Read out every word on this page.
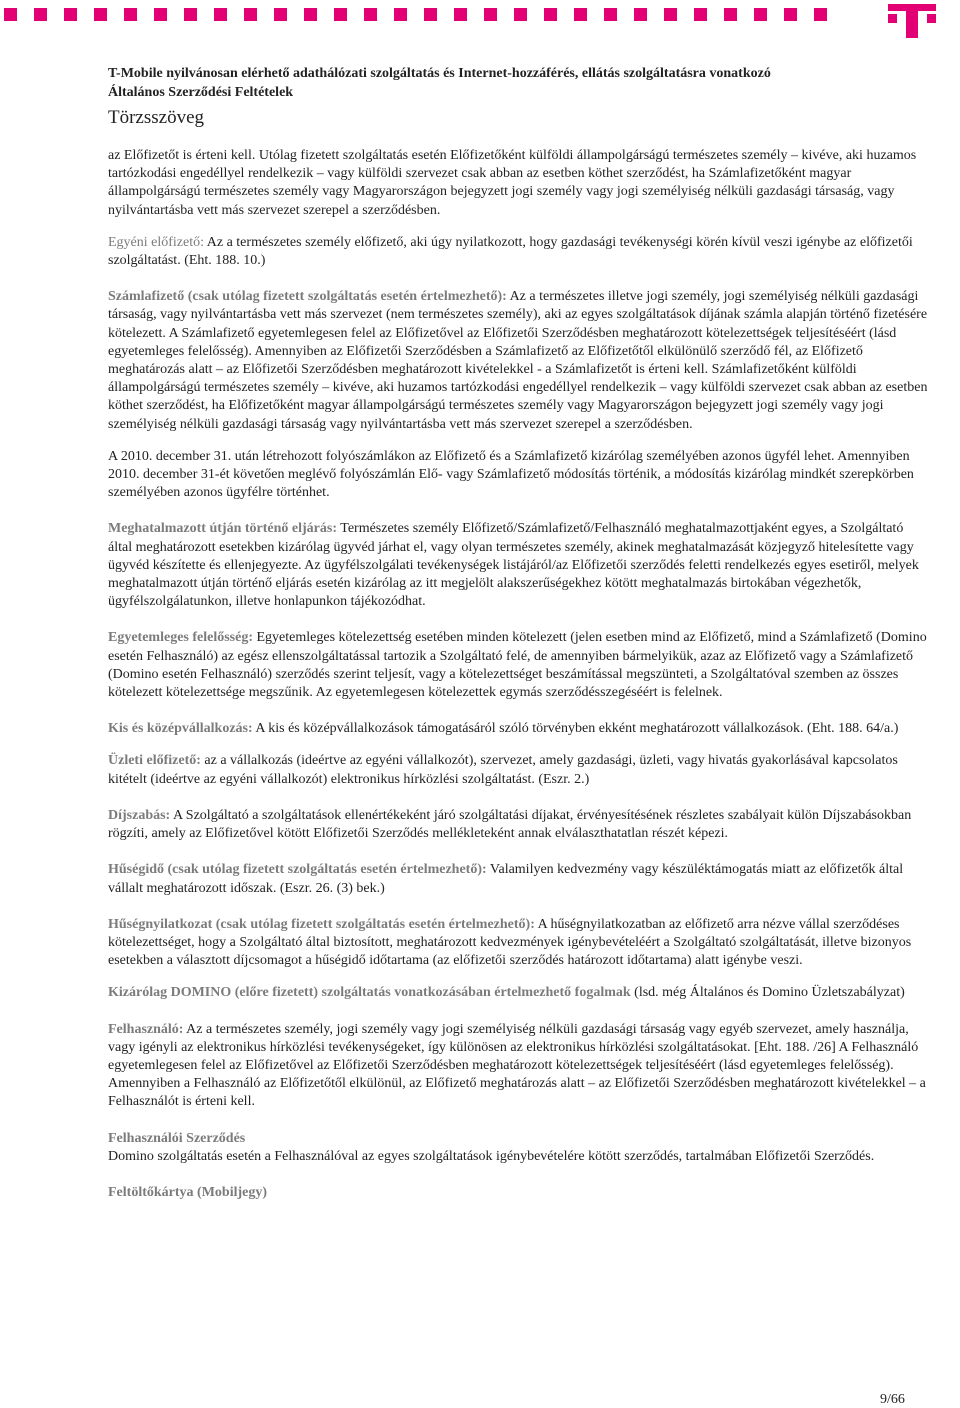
T-Mobile nyilvánosan elérhető adathálózati szolgáltatás és Internet-hozzáférés, ellátás szolgáltatásra vonatkozó
Általános Szerződési Feltételek
Törzsszöveg

az Előfizetőt is érteni kell. Utólag fizetett szolgáltatás esetén Előfizetőként külföldi állampolgárságú természetes személy – kivéve, aki huzamos tartózkodási engedéllyel rendelkezik – vagy külföldi szervezet csak abban az esetben köthet szerződést, ha Számlafizetőként magyar állampolgárságú természetes személy vagy Magyarországon bejegyzett jogi személy vagy jogi személyiség nélküli gazdasági társaság, vagy nyilvántartásba vett más szervezet szerepel a szerződésben.

Egyéni előfizető: Az a természetes személy előfizető, aki úgy nyilatkozott, hogy gazdasági tevékenységi körén kívül veszi igénybe az előfizetői szolgáltatást. (Eht. 188. 10.)

Számlafizető (csak utólag fizetett szolgáltatás esetén értelmezhető): Az a természetes illetve jogi személy, jogi személyiség nélküli gazdasági társaság, vagy nyilvántartásba vett más szervezet (nem természetes személy), aki az egyes szolgáltatások díjának számla alapján történő fizetésére kötelezett. A Számlafizető egyetemlegesen felel az Előfizetővel az Előfizetői Szerződésben meghatározott kötelezettségek teljesítéséért (lásd egyetemleges felelősség). Amennyiben az Előfizetői Szerződésben a Számlafizető az Előfizetőtől elkülönülő szerződő fél, az Előfizető meghatározás alatt – az Előfizetői Szerződésben meghatározott kivételekkel - a Számlafizetőt is érteni kell. Számlafizetőként külföldi állampolgárságú természetes személy – kivéve, aki huzamos tartózkodási engedéllyel rendelkezik – vagy külföldi szervezet csak abban az esetben köthet szerződést, ha Előfizetőként magyar állampolgárságú természetes személy vagy Magyarországon bejegyzett jogi személy vagy jogi személyiség nélküli gazdasági társaság vagy nyilvántartásba vett más szervezet szerepel a szerződésben.

A 2010. december 31. után létrehozott folyószámlákon az Előfizető és a Számlafizető kizárólag személyében azonos ügyfél lehet. Amennyiben 2010. december 31-ét követően meglévő folyószámlán Elő- vagy Számlafizető módosítás történik, a módosítás kizárólag mindkét szerepkörben személyében azonos ügyfélre történhet.

Meghatalmazott útján történő eljárás: Természetes személy Előfizető/Számlafizető/Felhasználó meghatalmazottjaként egyes, a Szolgáltató által meghatározott esetekben kizárólag ügyvéd járhat el, vagy olyan természetes személy, akinek meghatalmazását közjegyző hitelesítette vagy ügyvéd készítette és ellenjegyezte. Az ügyfélszolgálati tevékenységek listájáról/az Előfizetői szerződés feletti rendelkezés egyes esetiről, melyek meghatalmazott útján történő eljárás esetén kizárólag az itt megjelölt alakszerűségekhez kötött meghatalmazás birtokában végezhetők, ügyfélszolgálatunkon, illetve honlapunkon tájékozódhat.

Egyetemleges felelősség: Egyetemleges kötelezettség esetében minden kötelezett (jelen esetben mind az Előfizető, mind a Számlafizető (Domino esetén Felhasználó) az egész ellenszolgáltatással tartozik a Szolgáltató felé, de amennyiben bármelyikük, azaz az Előfizető vagy a Számlafizető (Domino esetén Felhasználó) szerződés szerint teljesít, vagy a kötelezettséget beszámítással megszünteti, a Szolgáltatóval szemben az összes kötelezett kötelezettsége megszűnik. Az egyetemlegesen kötelezettek egymás szerződésszegéséért is felelnek.

Kis és középvállalkozás: A kis és középvállalkozások támogatásáról szóló törvényben ekként meghatározott vállalkozások. (Eht. 188. 64/a.)

Üzleti előfizető: az a vállalkozás (ideértve az egyéni vállalkozót), szervezet, amely gazdasági, üzleti, vagy hivatás gyakorlásával kapcsolatos kitételt (ideértve az egyéni vállalkozót) elektronikus hírközlési szolgáltatást. (Eszr. 2.)

Díjszabás: A Szolgáltató a szolgáltatások ellenértékeként járó szolgáltatási díjakat, érvényesítésének részletes szabályait külön Díjszabásokban rögzíti, amely az Előfizetővel kötött Előfizetői Szerződés mellékleteként annak elválaszthatatlan részét képezi.

Hűségidő (csak utólag fizetett szolgáltatás esetén értelmezhető): Valamilyen kedvezmény vagy készüléktámogatás miatt az előfizetők által vállalt meghatározott időszak. (Eszr. 26. (3) bek.)

Hűségnyilatkozat (csak utólag fizetett szolgáltatás esetén értelmezhető): A hűségnyilatkozatban az előfizető arra nézve vállal szerződéses kötelezettséget, hogy a Szolgáltató által biztosított, meghatározott kedvezmények igénybevételéért a Szolgáltató szolgáltatását, illetve bizonyos esetekben a választott díjcsomagot a hűségidő időtartama (az előfizetői szerződés határozott időtartama) alatt igénybe veszi.

Kizárólag DOMINO (előre fizetett) szolgáltatás vonatkozásában értelmezhető fogalmak (lsd. még Általános és Domino Üzletszabályzat)

Felhasználó: Az a természetes személy, jogi személy vagy jogi személyiség nélküli gazdasági társaság vagy egyéb szervezet, amely használja, vagy igényli az elektronikus hírközlési tevékenységeket, így különösen az elektronikus hírközlési szolgáltatásokat. [Eht. 188. /26] A Felhasználó egyetemlegesen felel az Előfizetővel az Előfizetői Szerződésben meghatározott kötelezettségek teljesítéséért (lásd egyetemleges felelősség). Amennyiben a Felhasználó az Előfizetőtől elkülönül, az Előfizető meghatározás alatt – az Előfizetői Szerződésben meghatározott kivételekkel – a Felhasználót is érteni kell.

Felhasználói Szerződés
Domino szolgáltatás esetén a Felhasználóval az egyes szolgáltatások igénybevételére kötött szerződés, tartalmában Előfizetői Szerződés.

Feltöltőkártya (Mobiljegy)

9/66
